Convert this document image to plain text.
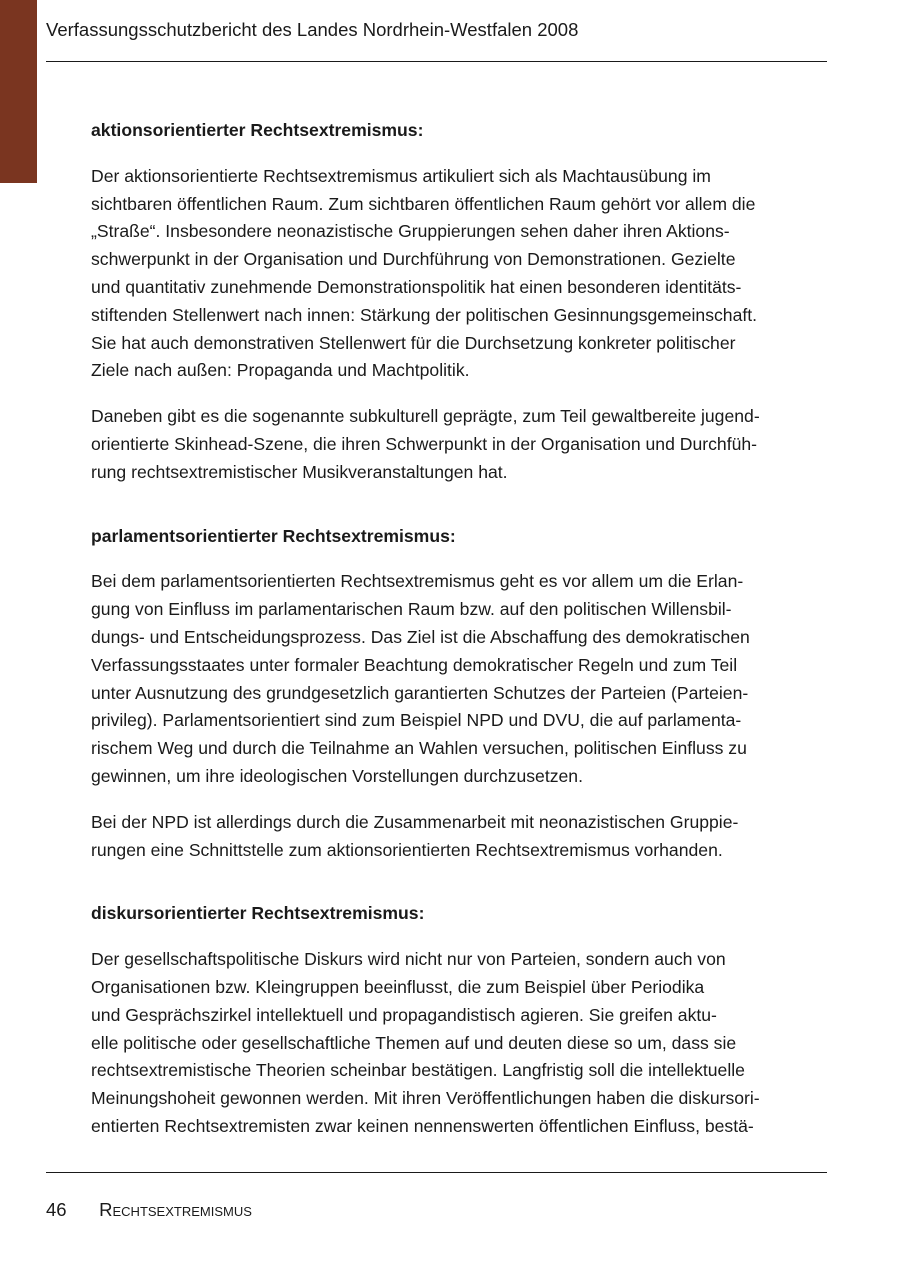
Verfassungsschutzbericht des Landes Nordrhein-Westfalen 2008
aktionsorientierter Rechtsextremismus:

Der aktionsorientierte Rechtsextremismus artikuliert sich als Machtausübung im
sichtbaren öffentlichen Raum. Zum sichtbaren öffentlichen Raum gehört vor allem die
„Straße“. Insbesondere neonazistische Gruppierungen sehen daher ihren Aktions-
schwerpunkt in der Organisation und Durchführung von Demonstrationen. Gezielte
und quantitativ zunehmende Demonstrationspolitik hat einen besonderen identitäts-
stiftenden Stellenwert nach innen: Stärkung der politischen Gesinnungsgemeinschaft.
Sie hat auch demonstrativen Stellenwert für die Durchsetzung konkreter politischer
Ziele nach außen: Propaganda und Machtpolitik.

Daneben gibt es die sogenannte subkulturell geprägte, zum Teil gewaltbereite jugend-
orientierte Skinhead-Szene, die ihren Schwerpunkt in der Organisation und Durchfüh-
rung rechtsextremistischer Musikveranstaltungen hat.

parlamentsorientierter Rechtsextremismus:

Bei dem parlamentsorientierten Rechtsextremismus geht es vor allem um die Erlan-
gung von Einfluss im parlamentarischen Raum bzw. auf den politischen Willensbil-
dungs- und Entscheidungsprozess. Das Ziel ist die Abschaffung des demokratischen
Verfassungsstaates unter formaler Beachtung demokratischer Regeln und zum Teil
unter Ausnutzung des grundgesetzlich garantierten Schutzes der Parteien (Parteien-
privileg). Parlamentsorientiert sind zum Beispiel NPD und DVU, die auf parlamenta-
rischem Weg und durch die Teilnahme an Wahlen versuchen, politischen Einfluss zu
gewinnen, um ihre ideologischen Vorstellungen durchzusetzen.

Bei der NPD ist allerdings durch die Zusammenarbeit mit neonazistischen Gruppie-
rungen eine Schnittstelle zum aktionsorientierten Rechtsextremismus vorhanden.

diskursorientierter Rechtsextremismus:

Der gesellschaftspolitische Diskurs wird nicht nur von Parteien, sondern auch von
Organisationen bzw. Kleingruppen beeinflusst, die zum Beispiel über Periodika
und Gesprächszirkel intellektuell und propagandistisch agieren. Sie greifen aktu-
elle politische oder gesellschaftliche Themen auf und deuten diese so um, dass sie
rechtsextremistische Theorien scheinbar bestätigen. Langfristig soll die intellektuelle
Meinungshoheit gewonnen werden. Mit ihren Veröffentlichungen haben die diskursori-
entierten Rechtsextremisten zwar keinen nennenswerten öffentlichen Einfluss, bestä-

46 Rechtsextremismus
